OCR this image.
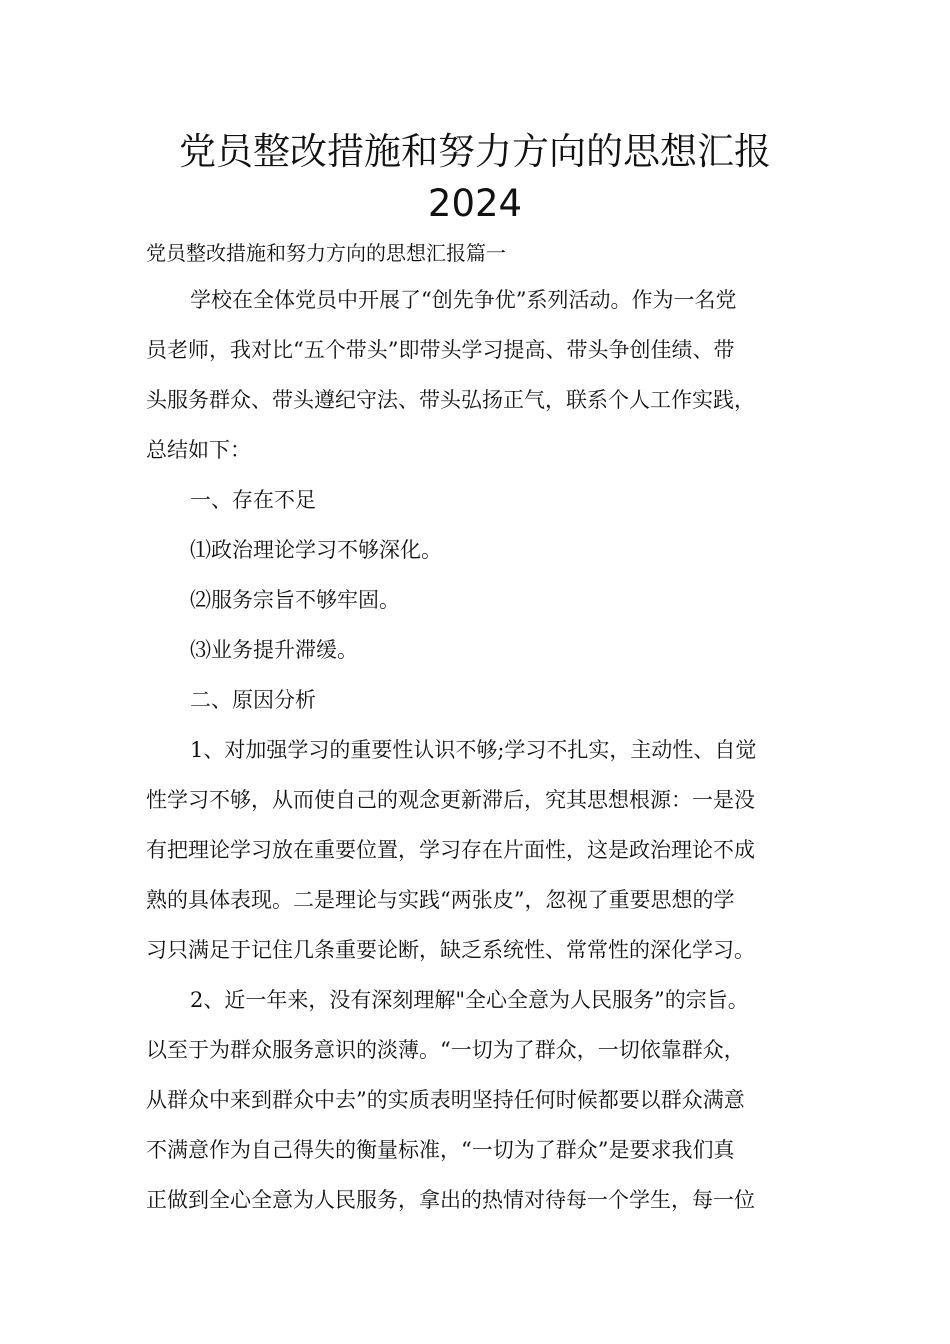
党员整改措施和努力方向的思想汇报
2024
党员整改措施和努力方向的思想汇报篇一
学校在全体党员中开展了“创先争优”系列活动。作为一名党
员老师，我对比“五个带头”即带头学习提高、带头争创佳绩、带
头服务群众、带头遵纪守法、带头弘扬正气，联系个人工作实践，
总结如下：
一、存在不足
⑴政治理论学习不够深化。
⑵服务宗旨不够牢固。
⑶业务提升滞缓。
二、原因分析
1、对加强学习的重要性认识不够;学习不扎实，主动性、自觉
性学习不够，从而使自己的观念更新滞后，究其思想根源：一是没
有把理论学习放在重要位置，学习存在片面性，这是政治理论不成
熟的具体表现。二是理论与实践“两张皮”，忽视了重要思想的学
习只满足于记住几条重要论断，缺乏系统性、常常性的深化学习。
2、近一年来，没有深刻理解"全心全意为人民服务”的宗旨。
以至于为群众服务意识的淡薄。“一切为了群众，一切依靠群众，
从群众中来到群众中去”的实质表明坚持任何时候都要以群众满意
不满意作为自己得失的衡量标准，“一切为了群众”是要求我们真
正做到全心全意为人民服务，拿出的热情对待每一个学生，每一位
